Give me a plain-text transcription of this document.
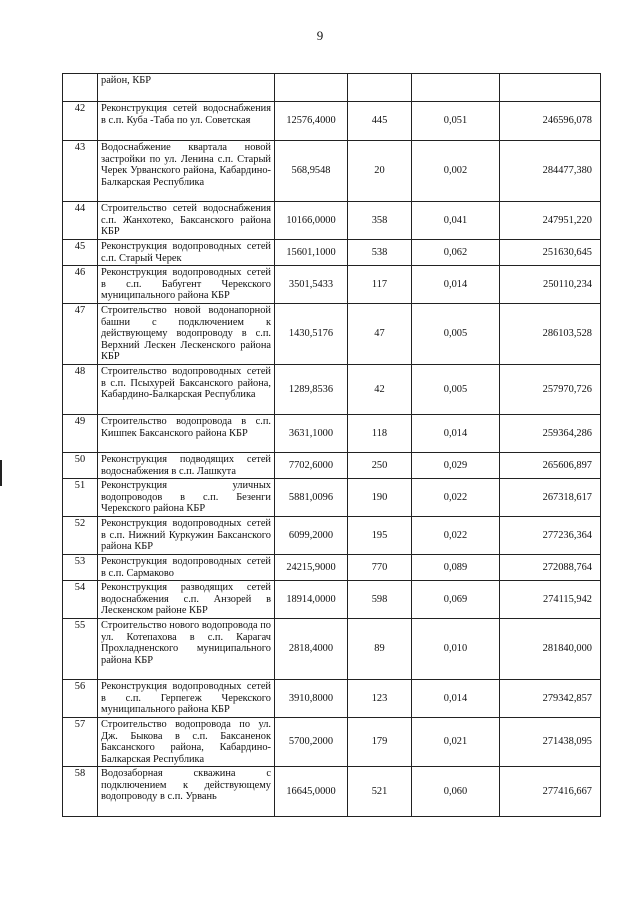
9
	район, КБР				
42	Реконструкция сетей водоснабжения в с.п. Куба -Таба по ул. Советская	12576,4000	445	0,051	246596,078
43	Водоснабжение квартала новой застройки по ул. Ленина с.п. Старый Черек Урванского района, Кабардино-Балкарская Республика	568,9548	20	0,002	284477,380
44	Строительство сетей водоснабжения с.п. Жанхотеко, Баксанского района КБР	10166,0000	358	0,041	247951,220
45	Реконструкция водопроводных сетей с.п. Старый Черек	15601,1000	538	0,062	251630,645
46	Реконструкция водопроводных сетей в с.п. Бабугент Черекского муниципального района КБР	3501,5433	117	0,014	250110,234
47	Строительство новой водонапорной башни с подключением к действующему водопроводу в с.п. Верхний Лескен Лескенского района КБР	1430,5176	47	0,005	286103,528
48	Строительство водопроводных сетей в с.п. Псыхурей Баксанского района, Кабардино-Балкарская Республика	1289,8536	42	0,005	257970,726
49	Строительство водопровода в с.п. Кишпек Баксанского района КБР	3631,1000	118	0,014	259364,286
50	Реконструкция подводящих сетей водоснабжения в с.п. Лашкута	7702,6000	250	0,029	265606,897
51	Реконструкция уличных водопроводов в с.п. Безенги Черекского района КБР	5881,0096	190	0,022	267318,617
52	Реконструкция водопроводных сетей в с.п. Нижний Куркужин Баксанского района КБР	6099,2000	195	0,022	277236,364
53	Реконструкция водопроводных сетей в с.п. Сармаково	24215,9000	770	0,089	272088,764
54	Реконструкция разводящих сетей водоснабжения с.п. Анзорей в Лескенском районе КБР	18914,0000	598	0,069	274115,942
55	Строительство нового водопровода по ул. Котепахова в с.п. Карагач Прохладненского муниципального района КБР	2818,4000	89	0,010	281840,000
56	Реконструкция водопроводных сетей в с.п. Герпегеж Черекского муниципального района КБР	3910,8000	123	0,014	279342,857
57	Строительство водопровода по ул. Дж. Быкова в с.п. Баксаненок Баксанского района, Кабардино-Балкарская Республика	5700,2000	179	0,021	271438,095
58	Водозаборная скважина с подключением к действующему водопроводу в с.п. Урвань	16645,0000	521	0,060	277416,667
